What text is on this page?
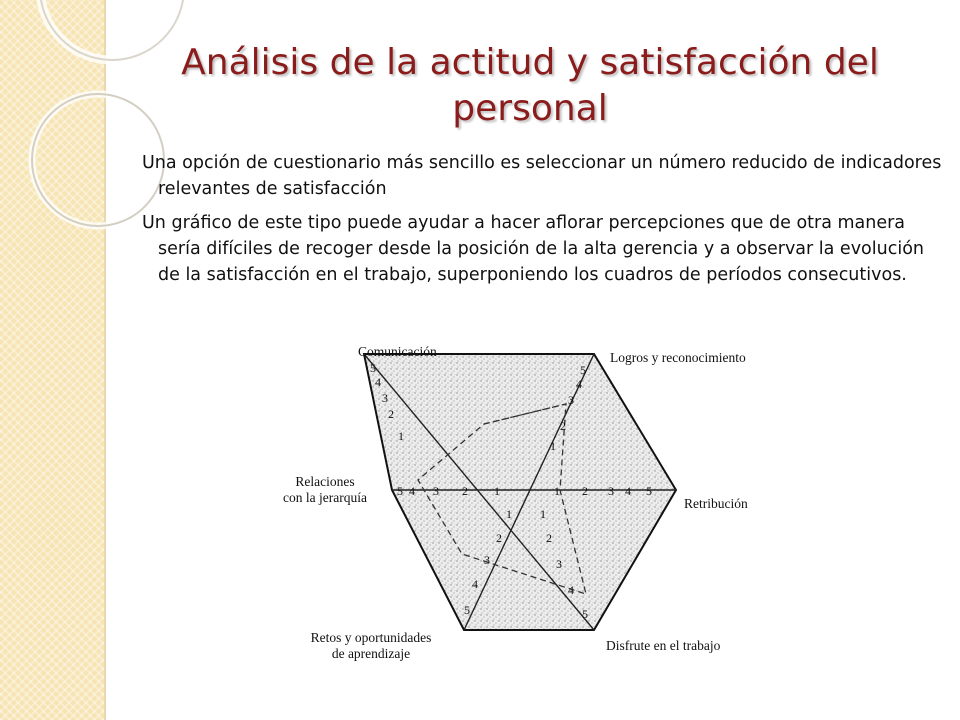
Análisis de la actitud y satisfacción del personal

Una opción de cuestionario más sencillo es seleccionar un número reducido de indicadores relevantes de satisfacción

Un gráfico de este tipo puede ayudar a hacer aflorar percepciones que de otra manera sería difíciles de recoger desde la posición de la alta gerencia y a observar la evolución de la satisfacción en el trabajo, superponiendo los cuadros de períodos consecutivos.

5 4 3 2 1	1 2 3 4 5
5
4
3
2
1
5
4
3
2
1
1
2
3
4
5
1
2
3
4
5
Comunicación	Logros y reconocimiento
Relaciones
con la jerarquía	Retribución
Retos y oportunidades
de aprendizaje
Disfrute en el trabajo
